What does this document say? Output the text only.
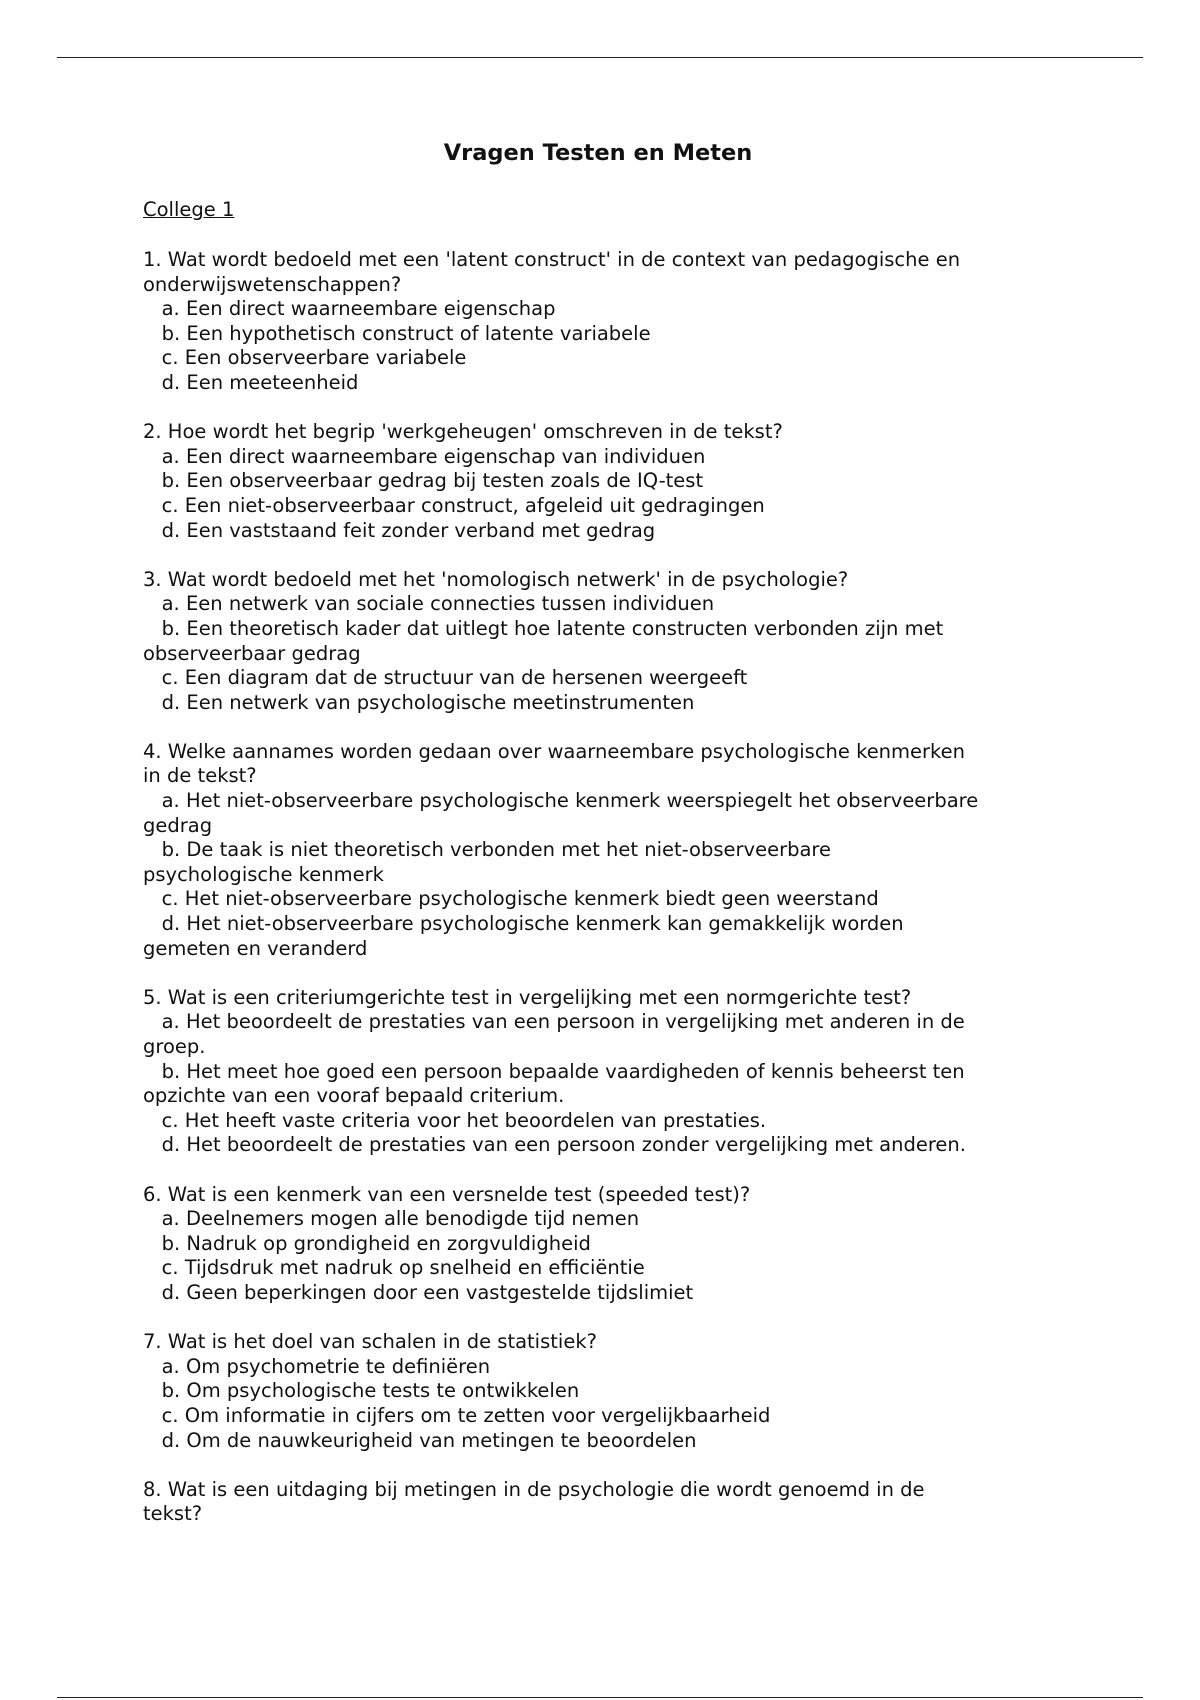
Vragen Testen en Meten

College 1

1. Wat wordt bedoeld met een 'latent construct' in de context van pedagogische en
onderwijswetenschappen?

a. Een direct waarneembare eigenschap

b. Een hypothetisch construct of latente variabele

c. Een observeerbare variabele

d. Een meeteenheid

2. Hoe wordt het begrip 'werkgeheugen' omschreven in de tekst?

a. Een direct waarneembare eigenschap van individuen

b. Een observeerbaar gedrag bij testen zoals de IQ-test

c. Een niet-observeerbaar construct, afgeleid uit gedragingen

d. Een vaststaand feit zonder verband met gedrag

3. Wat wordt bedoeld met het 'nomologisch netwerk' in de psychologie?

a. Een netwerk van sociale connecties tussen individuen

b. Een theoretisch kader dat uitlegt hoe latente constructen verbonden zijn met
observeerbaar gedrag

c. Een diagram dat de structuur van de hersenen weergeeft

d. Een netwerk van psychologische meetinstrumenten

4. Welke aannames worden gedaan over waarneembare psychologische kenmerken
in de tekst?

a. Het niet-observeerbare psychologische kenmerk weerspiegelt het observeerbare
gedrag

b. De taak is niet theoretisch verbonden met het niet-observeerbare
psychologische kenmerk

c. Het niet-observeerbare psychologische kenmerk biedt geen weerstand

d. Het niet-observeerbare psychologische kenmerk kan gemakkelijk worden
gemeten en veranderd

5. Wat is een criteriumgerichte test in vergelijking met een normgerichte test?

a. Het beoordeelt de prestaties van een persoon in vergelijking met anderen in de
groep.

b. Het meet hoe goed een persoon bepaalde vaardigheden of kennis beheerst ten
opzichte van een vooraf bepaald criterium.

c. Het heeft vaste criteria voor het beoordelen van prestaties.

d. Het beoordeelt de prestaties van een persoon zonder vergelijking met anderen.

6. Wat is een kenmerk van een versnelde test (speeded test)?

a. Deelnemers mogen alle benodigde tijd nemen

b. Nadruk op grondigheid en zorgvuldigheid

c. Tijdsdruk met nadruk op snelheid en efficiëntie

d. Geen beperkingen door een vastgestelde tijdslimiet

7. Wat is het doel van schalen in de statistiek?

a. Om psychometrie te definiëren

b. Om psychologische tests te ontwikkelen

c. Om informatie in cijfers om te zetten voor vergelijkbaarheid

d. Om de nauwkeurigheid van metingen te beoordelen

8. Wat is een uitdaging bij metingen in de psychologie die wordt genoemd in de
tekst?
